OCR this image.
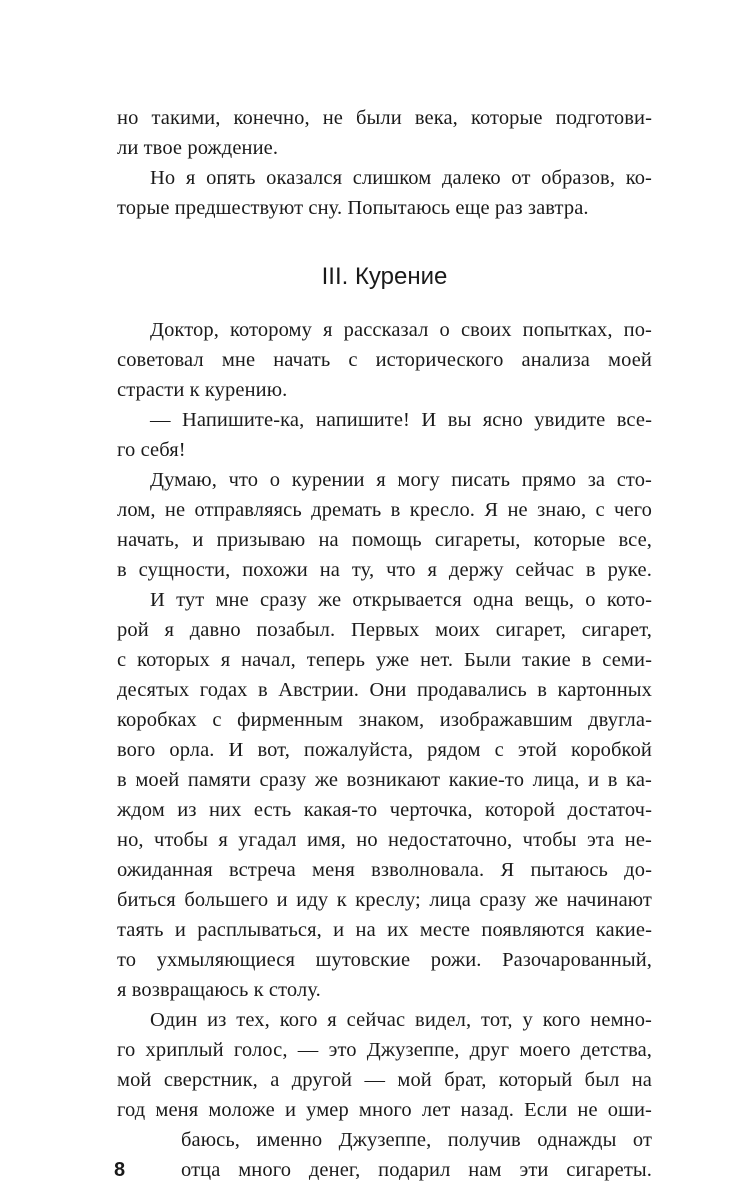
но такими, конечно, не были века, которые подготови-
ли твое рождение.
Но я опять оказался слишком далеко от образов, ко-
торые предшествуют сну. Попытаюсь еще раз завтра.
III. Курение
Доктор, которому я рассказал о своих попытках, по-
советовал мне начать с исторического анализа моей
страсти к курению.
— Напишите-ка, напишите! И вы ясно увидите все-
го себя!
Думаю, что о курении я могу писать прямо за сто-
лом, не отправляясь дремать в кресло. Я не знаю, с чего
начать, и призываю на помощь сигареты, которые все,
в сущности, похожи на ту, что я держу сейчас в руке.
И тут мне сразу же открывается одна вещь, о кото-
рой я давно позабыл. Первых моих сигарет, сигарет,
с которых я начал, теперь уже нет. Были такие в семи-
десятых годах в Австрии. Они продавались в картонных
коробках с фирменным знаком, изображавшим двугла-
вого орла. И вот, пожалуйста, рядом с этой коробкой
в моей памяти сразу же возникают какие-то лица, и в ка-
ждом из них есть какая-то черточка, которой достаточ-
но, чтобы я угадал имя, но недостаточно, чтобы эта не-
ожиданная встреча меня взволновала. Я пытаюсь до-
биться большего и иду к креслу; лица сразу же начинают
таять и расплываться, и на их месте появляются какие-
то ухмыляющиеся шутовские рожи. Разочарованный,
я возвращаюсь к столу.
Один из тех, кого я сейчас видел, тот, у кого немно-
го хриплый голос, — это Джузеппе, друг моего детства,
мой сверстник, а другой — мой брат, который был на
год меня моложе и умер много лет назад. Если не оши-
баюсь, именно Джузеппе, получив однажды от
отца много денег, подарил нам эти сигареты.
8
